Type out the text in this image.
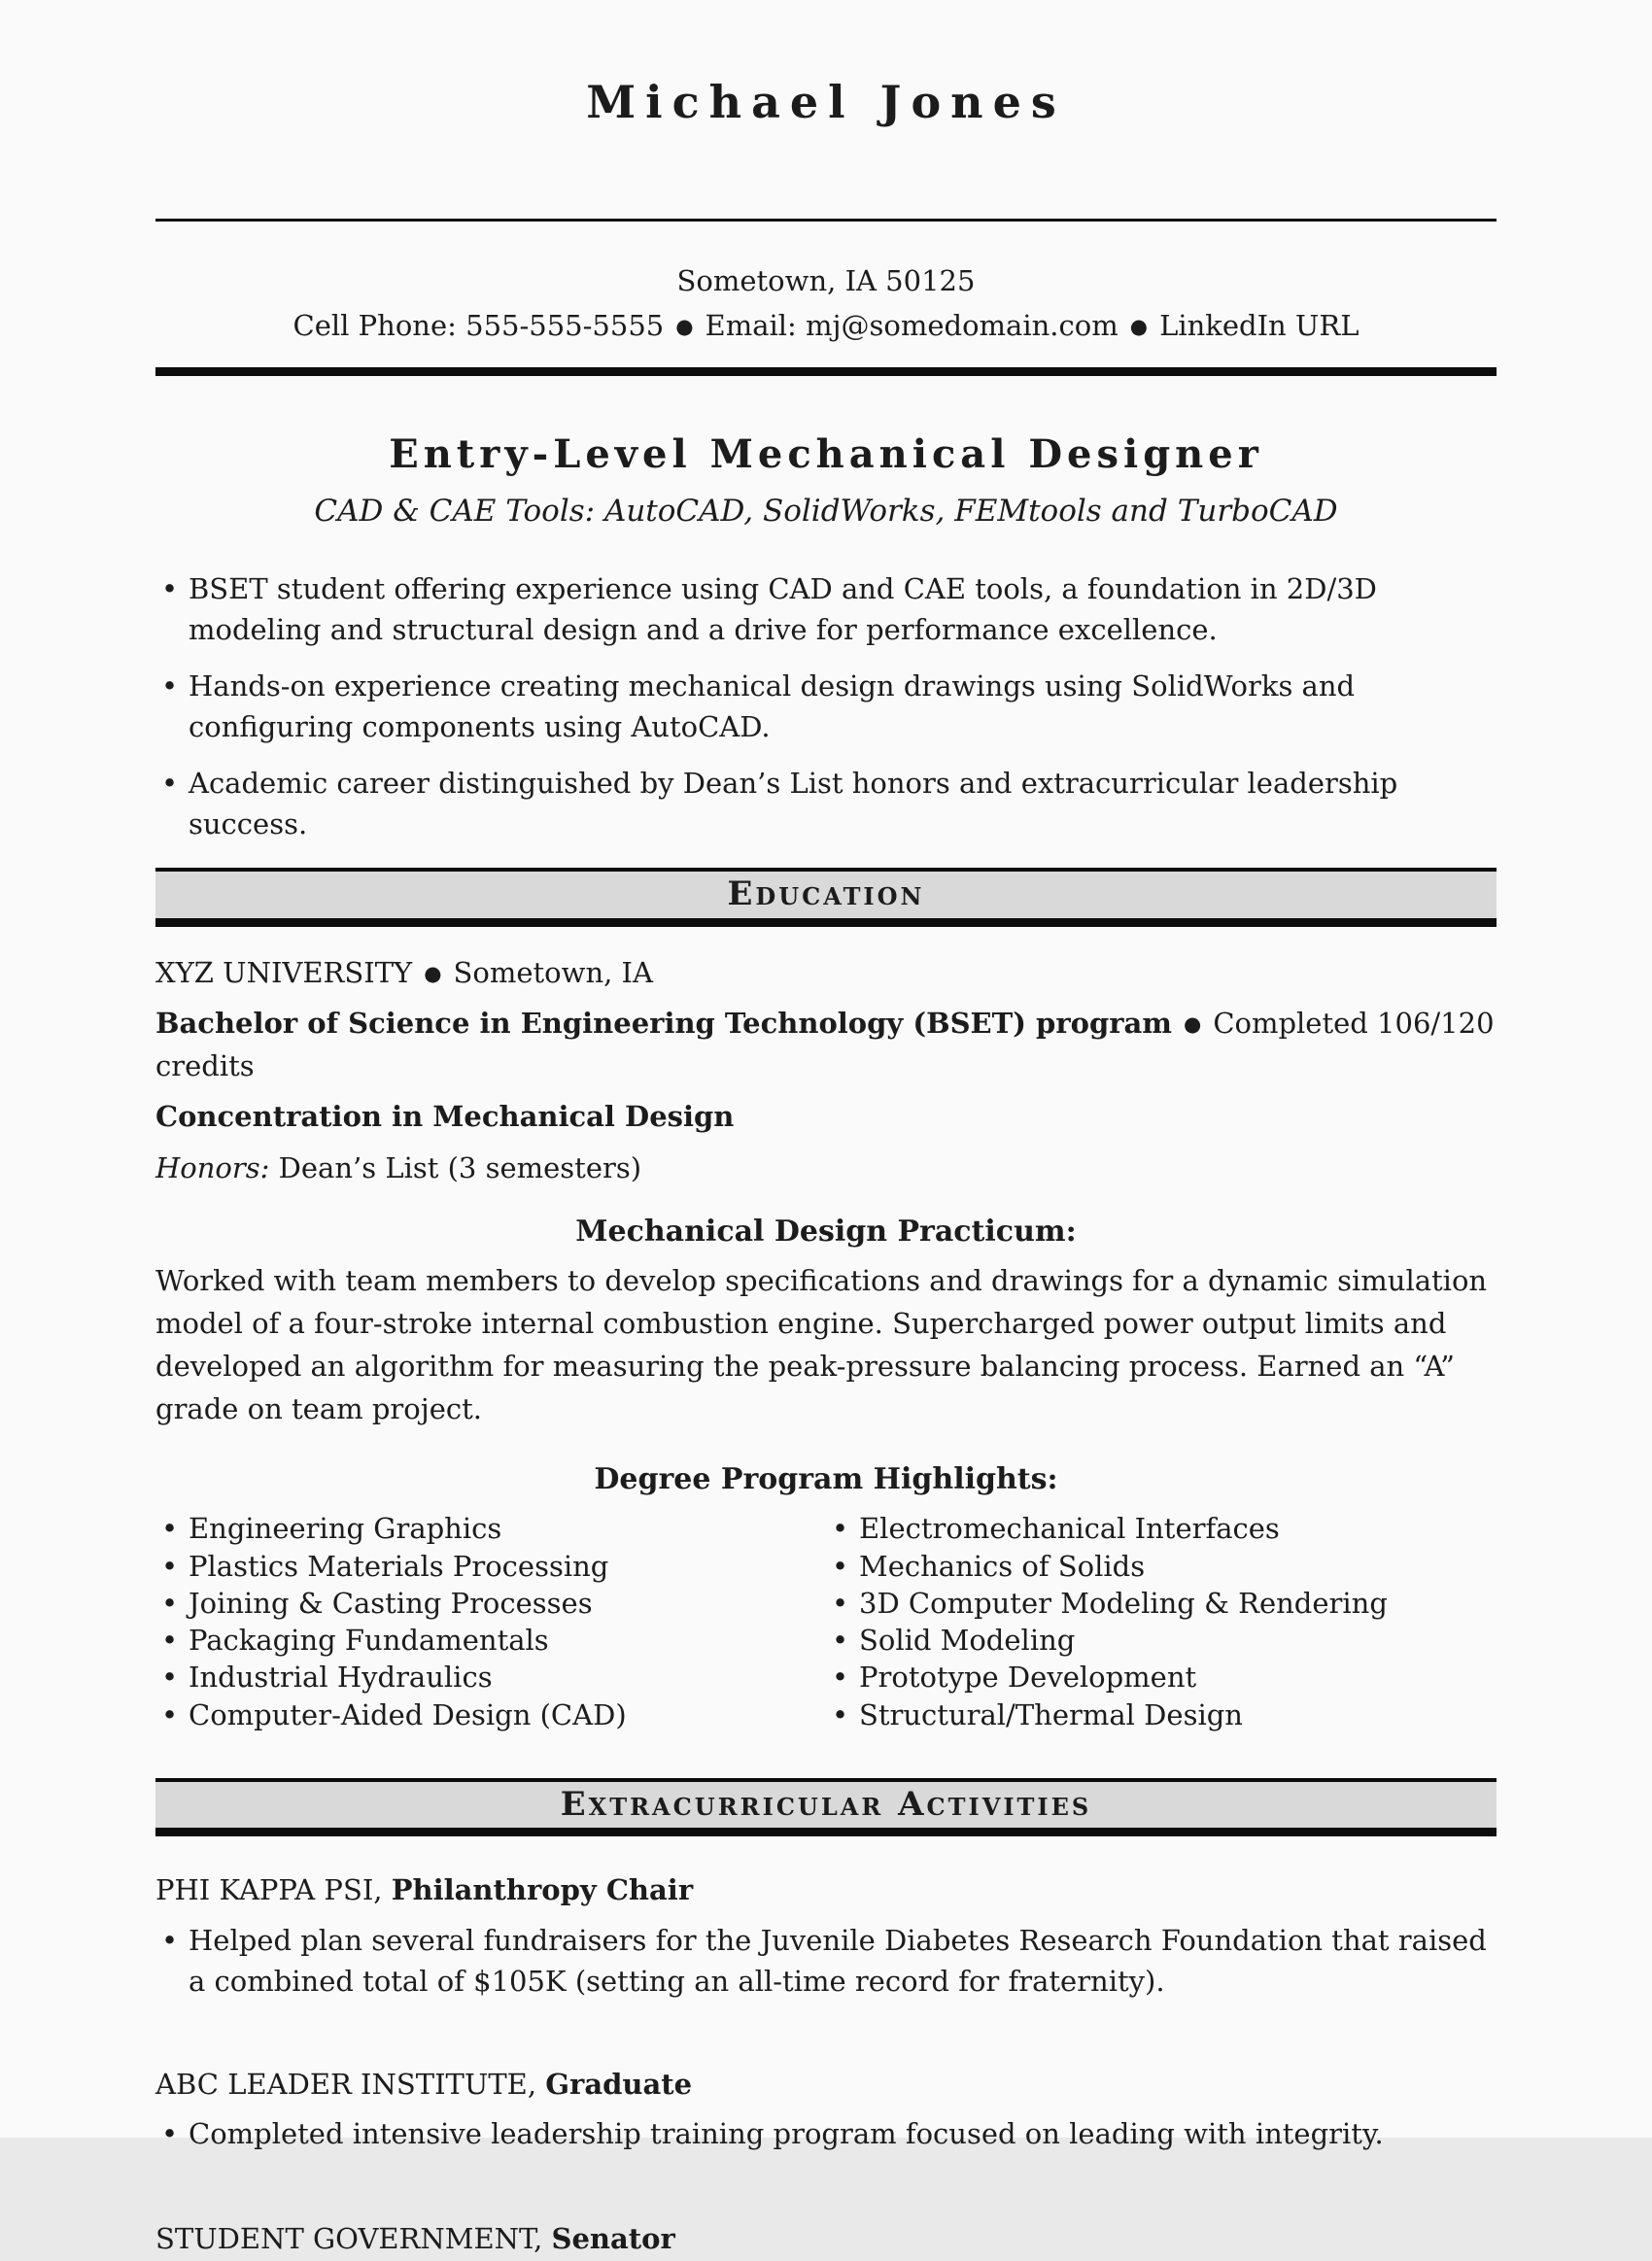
Michael Jones
Sometown, IA 50125
Cell Phone: 555-555-5555 ● Email: mj@somedomain.com ● LinkedIn URL
Entry-Level Mechanical Designer
CAD & CAE Tools: AutoCAD, SolidWorks, FEMtools and TurboCAD
• BSET student offering experience using CAD and CAE tools, a foundation in 2D/3D modeling and structural design and a drive for performance excellence.
• Hands-on experience creating mechanical design drawings using SolidWorks and configuring components using AutoCAD.
• Academic career distinguished by Dean’s List honors and extracurricular leadership success.
Education

XYZ UNIVERSITY ● Sometown, IA

Bachelor of Science in Engineering Technology (BSET) program ● Completed 106/120 credits

Concentration in Mechanical Design

Honors: Dean’s List (3 semesters)

Mechanical Design Practicum:

Worked with team members to develop specifications and drawings for a dynamic simulation model of a four-stroke internal combustion engine. Supercharged power output limits and developed an algorithm for measuring the peak-pressure balancing process. Earned an “A” grade on team project.

Degree Program Highlights:
• Engineering Graphics
• Plastics Materials Processing
• Joining & Casting Processes
• Packaging Fundamentals
• Industrial Hydraulics
• Computer-Aided Design (CAD)
• Electromechanical Interfaces
• Mechanics of Solids
• 3D Computer Modeling & Rendering
• Solid Modeling
• Prototype Development
• Structural/Thermal Design
Extracurricular Activities

PHI KAPPA PSI, Philanthropy Chair

• Helped plan several fundraisers for the Juvenile Diabetes Research Foundation that raised a combined total of $105K (setting an all-time record for fraternity).

ABC LEADER INSTITUTE, Graduate

• Completed intensive leadership training program focused on leading with integrity.

STUDENT GOVERNMENT, Senator
